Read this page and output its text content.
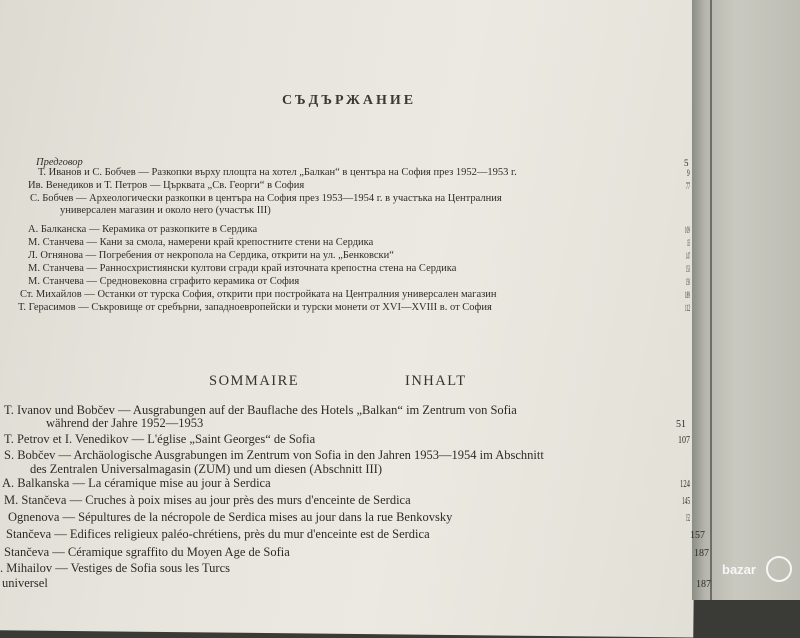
СЪДЪРЖАНИЕ
Предговор	5
Т. Иванов и С. Бобчев — Разкопки върху площта на хотел „Балкан“ в центъра на София през 1952—1953 г.	9
Ив. Венедиков и Т. Петров — Църквата „Св. Георги“ в София	77
С. Бобчев — Археологически разкопки в центъра на София през 1953—1954 г. в участъка на Централния
универсален магазин и около него (участък III)
А. Балканска — Керамика от разкопките в Сердика	109
М. Станчева — Кани за смола, намерени край крепостните стени на Сердика	135
Л. Огнянова — Погребения от некропола на Сердика, открити на ул. „Бенковски“	147
М. Станчева — Ранносхристиянски култови сгради край източната крепостна стена на Сердика	153
М. Станчева — Средновековна сграфито керамика от София	159
Ст. Михайлов — Останки от турска София, открити при постройката на Централния универсален магазин	189
Т. Герасимов — Съкровище от сребърни, западноевропейски и турски монети от XVI—XVIII в. от София	112
SOMMAIRE	INHALT
T. Ivanov und Bobčev — Ausgrabungen auf der Bauflache des Hotels „Balkan“ im Zentrum von Sofia
während der Jahre 1952—1953	51
T. Petrov et I. Venedikov — L'église „Saint Georges“ de Sofia	107
S. Bobčev — Archäologische Ausgrabungen im Zentrum von Sofia in den Jahren 1953—1954 im Abschnitt
des Zentralen Universalmagasin (ZUM) und um diesen (Abschnitt III)
A. Balkanska — La céramique mise au jour à Serdica	124
M. Stančeva — Cruches à poix mises au jour près des murs d'enceinte de Serdica	145
Ognenova — Sépultures de la nécropole de Serdica mises au jour dans la rue Benkovsky	152
Stančeva — Edifices religieux paléo-chrétiens, près du mur d'enceinte est de Serdica	157
Stančeva — Céramique sgraffito du Moyen Age de Sofia	187
. Mihailov — Vestiges de Sofia sous les Turcs
universel	187
bazar
